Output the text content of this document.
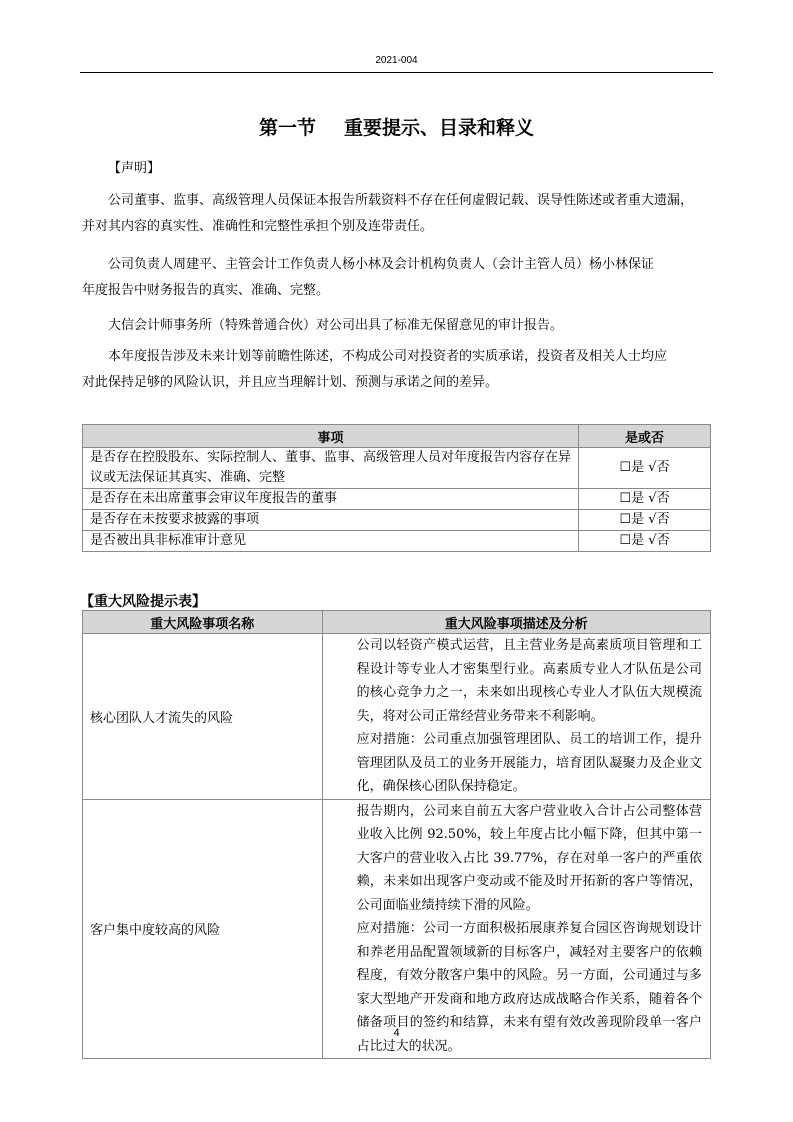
2021-004
第一节 重要提示、目录和释义
【声明】
公司董事、监事、高级管理人员保证本报告所载资料不存在任何虚假记载、误导性陈述或者重大遗漏，
并对其内容的真实性、准确性和完整性承担个别及连带责任。
公司负责人周建平、主管会计工作负责人杨小林及会计机构负责人（会计主管人员）杨小林保证
年度报告中财务报告的真实、准确、完整。
大信会计师事务所（特殊普通合伙）对公司出具了标准无保留意见的审计报告。
本年度报告涉及未来计划等前瞻性陈述，不构成公司对投资者的实质承诺，投资者及相关人士均应
对此保持足够的风险认识，并且应当理解计划、预测与承诺之间的差异。
事项	是或否
是否存在控股股东、实际控制人、董事、监事、高级管理人员对年度报告内容存在异议或无法保证其真实、准确、完整	☐是 √否
是否存在未出席董事会审议年度报告的董事	☐是 √否
是否存在未按要求披露的事项	☐是 √否
是否被出具非标准审计意见	☐是 √否
【重大风险提示表】
重大风险事项名称	重大风险事项描述及分析
核心团队人才流失的风险	公司以轻资产模式运营，且主营业务是高素质项目管理和工程设计等专业人才密集型行业。高素质专业人才队伍是公司的核心竞争力之一，未来如出现核心专业人才队伍大规模流失，将对公司正常经营业务带来不利影响。
应对措施：公司重点加强管理团队、员工的培训工作，提升管理团队及员工的业务开展能力，培育团队凝聚力及企业文化，确保核心团队保持稳定。

客户集中度较高的风险	报告期内，公司来自前五大客户营业收入合计占公司整体营业收入比例 92.50%，较上年度占比小幅下降，但其中第一大客户的营业收入占比 39.77%，存在对单一客户的严重依赖，未来如出现客户变动或不能及时开拓新的客户等情况，公司面临业绩持续下滑的风险。
应对措施：公司一方面积极拓展康养复合园区咨询规划设计和养老用品配置领域新的目标客户，减轻对主要客户的依赖程度，有效分散客户集中的风险。另一方面，公司通过与多家大型地产开发商和地方政府达成战略合作关系，随着各个储备项目的签约和结算，未来有望有效改善现阶段单一客户占比过大的状况。
4
